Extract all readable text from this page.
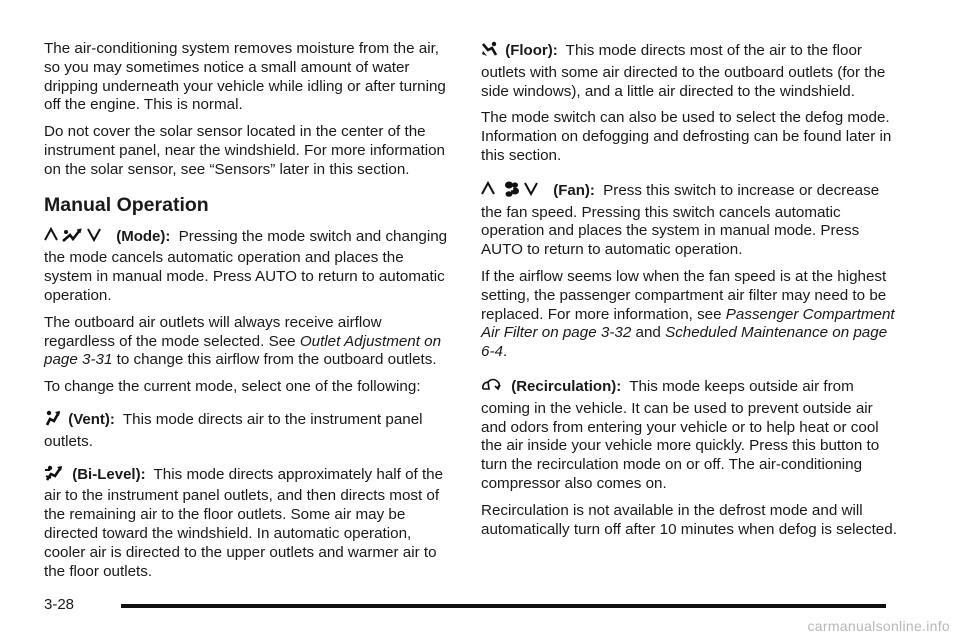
The air-conditioning system removes moisture from the air, so you may sometimes notice a small amount of water dripping underneath your vehicle while idling or after turning off the engine. This is normal.

Do not cover the solar sensor located in the center of the instrument panel, near the windshield. For more information on the solar sensor, see “Sensors” later in this section.

Manual Operation
(Mode): Pressing the mode switch and changing the mode cancels automatic operation and places the system in manual mode. Press AUTO to return to automatic operation.
The outboard air outlets will always receive airflow regardless of the mode selected. See Outlet Adjustment on page 3-31 to change this airflow from the outboard outlets.

To change the current mode, select one of the following:

(Vent): This mode directs air to the instrument panel outlets.
(Bi-Level): This mode directs approximately half of the air to the instrument panel outlets, and then directs most of the remaining air to the floor outlets. Some air may be directed toward the windshield. In automatic operation, cooler air is directed to the upper outlets and warmer air to the floor outlets.
(Floor): This mode directs most of the air to the floor outlets with some air directed to the outboard outlets (for the side windows), and a little air directed to the windshield.

The mode switch can also be used to select the defog mode. Information on defogging and defrosting can be found later in this section.

(Fan): Press this switch to increase or decrease the fan speed. Pressing this switch cancels automatic operation and places the system in manual mode. Press AUTO to return to automatic operation.
If the airflow seems low when the fan speed is at the highest setting, the passenger compartment air filter may need to be replaced. For more information, see Passenger Compartment Air Filter on page 3-32 and Scheduled Maintenance on page 6-4.
(Recirculation): This mode keeps outside air from coming in the vehicle. It can be used to prevent outside air and odors from entering your vehicle or to help heat or cool the air inside your vehicle more quickly. Press this button to turn the recirculation mode on or off. The air-conditioning compressor also comes on.

Recirculation is not available in the defrost mode and will automatically turn off after 10 minutes when defog is selected.

3-28
carmanualsonline.info
